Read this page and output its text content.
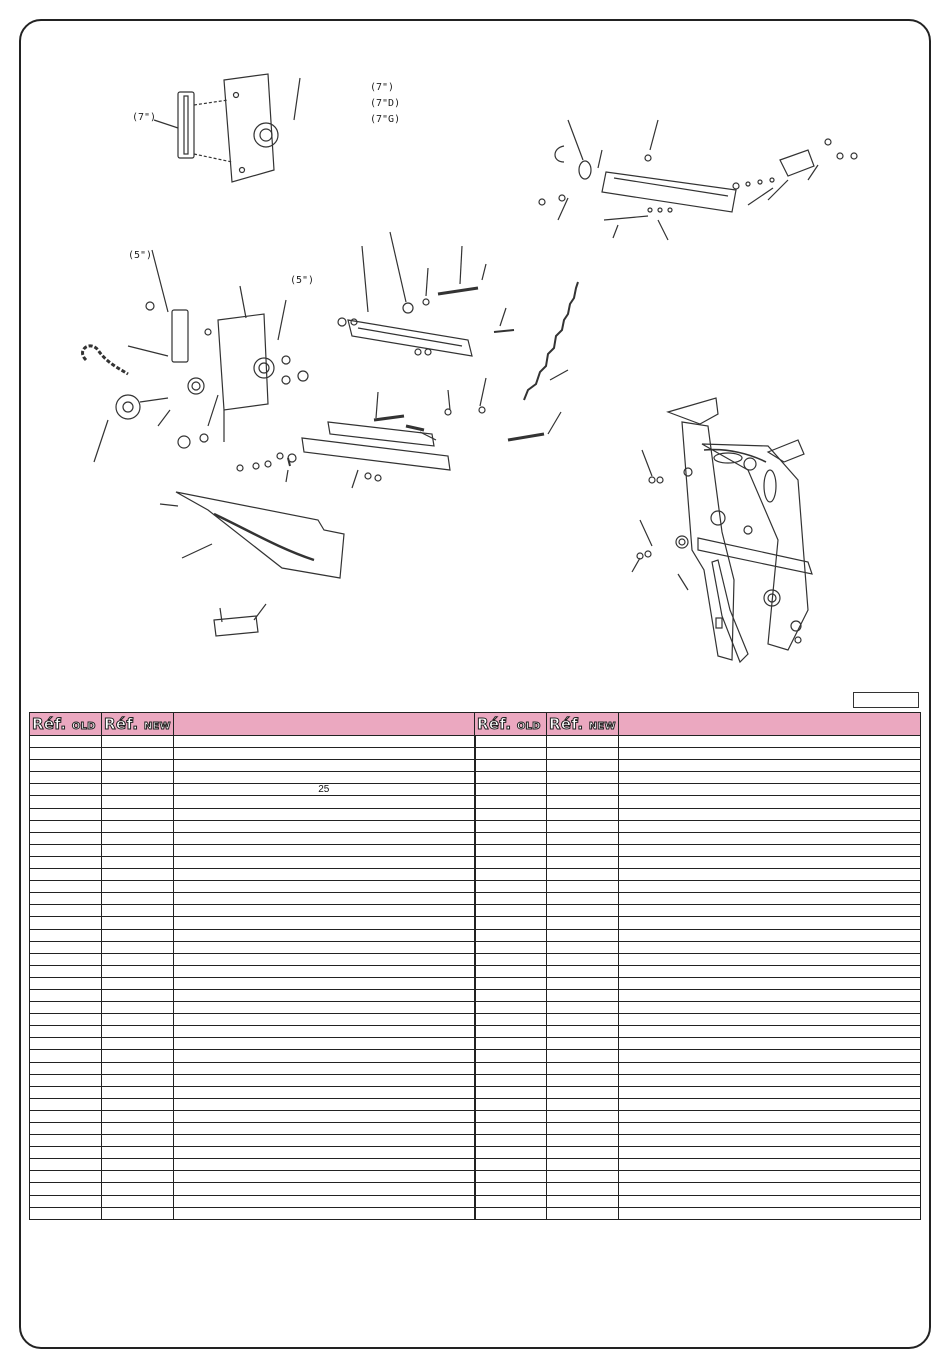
(7")
(7")
(7"D)
(7"G)
(5")
(5")
Réf. OLD	Réf. NEW		Réf. OLD	Réf. NEW	

		25			
